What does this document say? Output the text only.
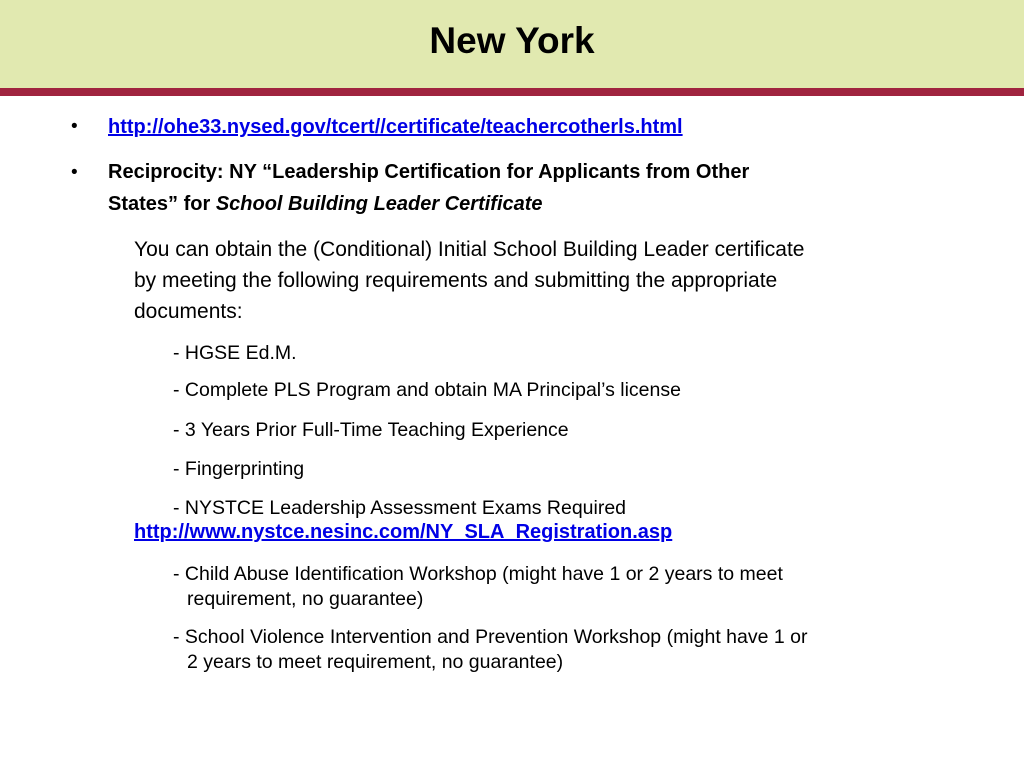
New York
• http://ohe33.nysed.gov/tcert//certificate/teachercotherls.html
• Reciprocity: NY “Leadership Certification for Applicants from Other
States” for School Building Leader Certificate
You can obtain the (Conditional) Initial School Building Leader certificate
by meeting the following requirements and submitting the appropriate
documents:
- HGSE Ed.M.
- Complete PLS Program and obtain MA Principal’s license
- 3 Years Prior Full-Time Teaching Experience
- Fingerprinting
- NYSTCE Leadership Assessment Exams Required
http://www.nystce.nesinc.com/NY_SLA_Registration.asp
- Child Abuse Identification Workshop (might have 1 or 2 years to meet
requirement, no guarantee)
- School Violence Intervention and Prevention Workshop (might have 1 or
2 years to meet requirement, no guarantee)
